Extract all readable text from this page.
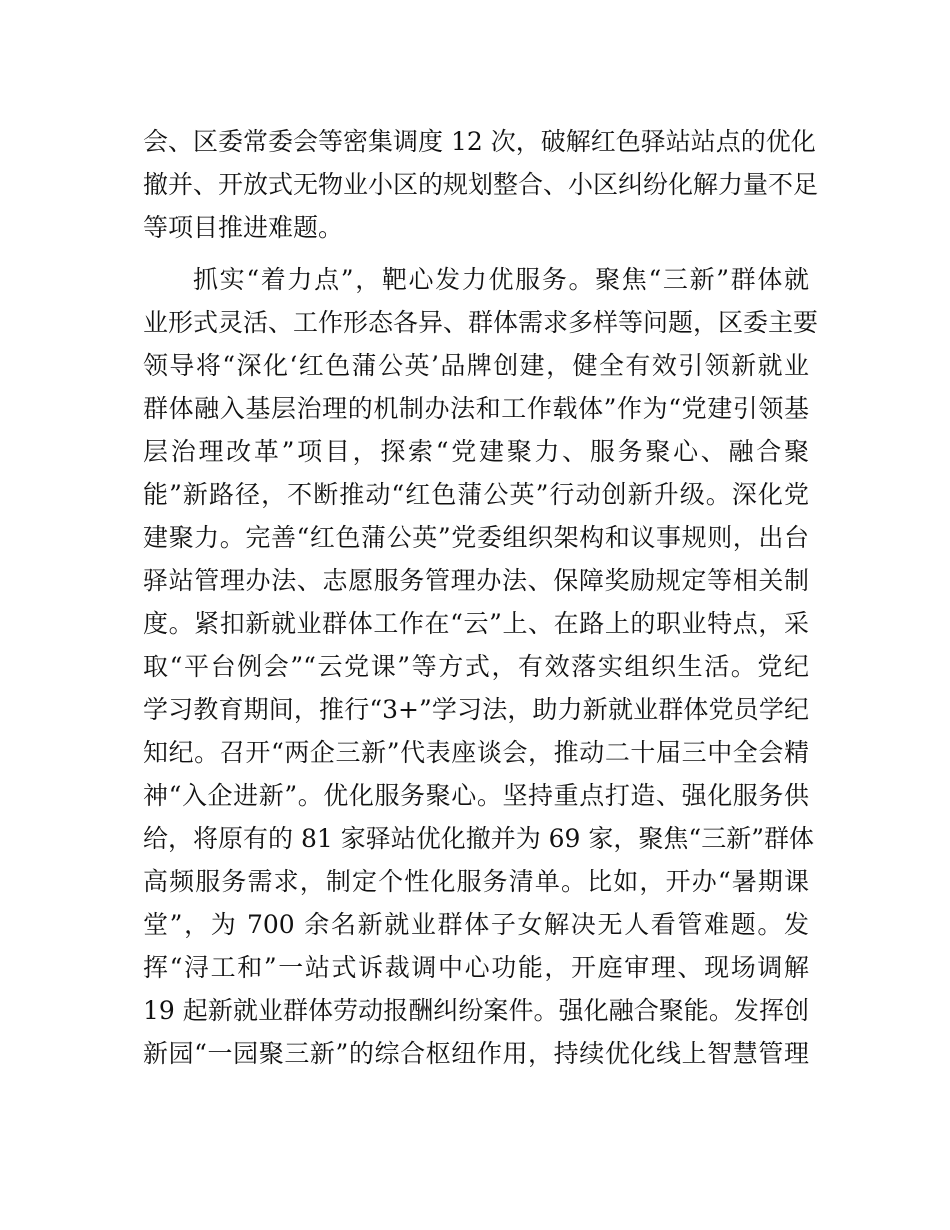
会、区委常委会等密集调度 12 次，破解红色驿站站点的优化
撤并、开放式无物业小区的规划整合、小区纠纷化解力量不足
等项目推进难题。
抓实“着力点”，靶心发力优服务。聚焦“三新”群体就
业形式灵活、工作形态各异、群体需求多样等问题，区委主要
领导将“深化‘红色蒲公英’品牌创建，健全有效引领新就业
群体融入基层治理的机制办法和工作载体”作为“党建引领基
层治理改革”项目，探索“党建聚力、服务聚心、融合聚
能”新路径，不断推动“红色蒲公英”行动创新升级。深化党
建聚力。完善“红色蒲公英”党委组织架构和议事规则，出台
驿站管理办法、志愿服务管理办法、保障奖励规定等相关制
度。紧扣新就业群体工作在“云”上、在路上的职业特点，采
取“平台例会”“云党课”等方式，有效落实组织生活。党纪
学习教育期间，推行“3+”学习法，助力新就业群体党员学纪
知纪。召开“两企三新”代表座谈会，推动二十届三中全会精
神“入企进新”。优化服务聚心。坚持重点打造、强化服务供
给，将原有的 81 家驿站优化撤并为 69 家，聚焦“三新”群体
高频服务需求，制定个性化服务清单。比如，开办“暑期课
堂”，为 700 余名新就业群体子女解决无人看管难题。发
挥“浔工和”一站式诉裁调中心功能，开庭审理、现场调解
19 起新就业群体劳动报酬纠纷案件。强化融合聚能。发挥创
新园“一园聚三新”的综合枢纽作用，持续优化线上智慧管理
